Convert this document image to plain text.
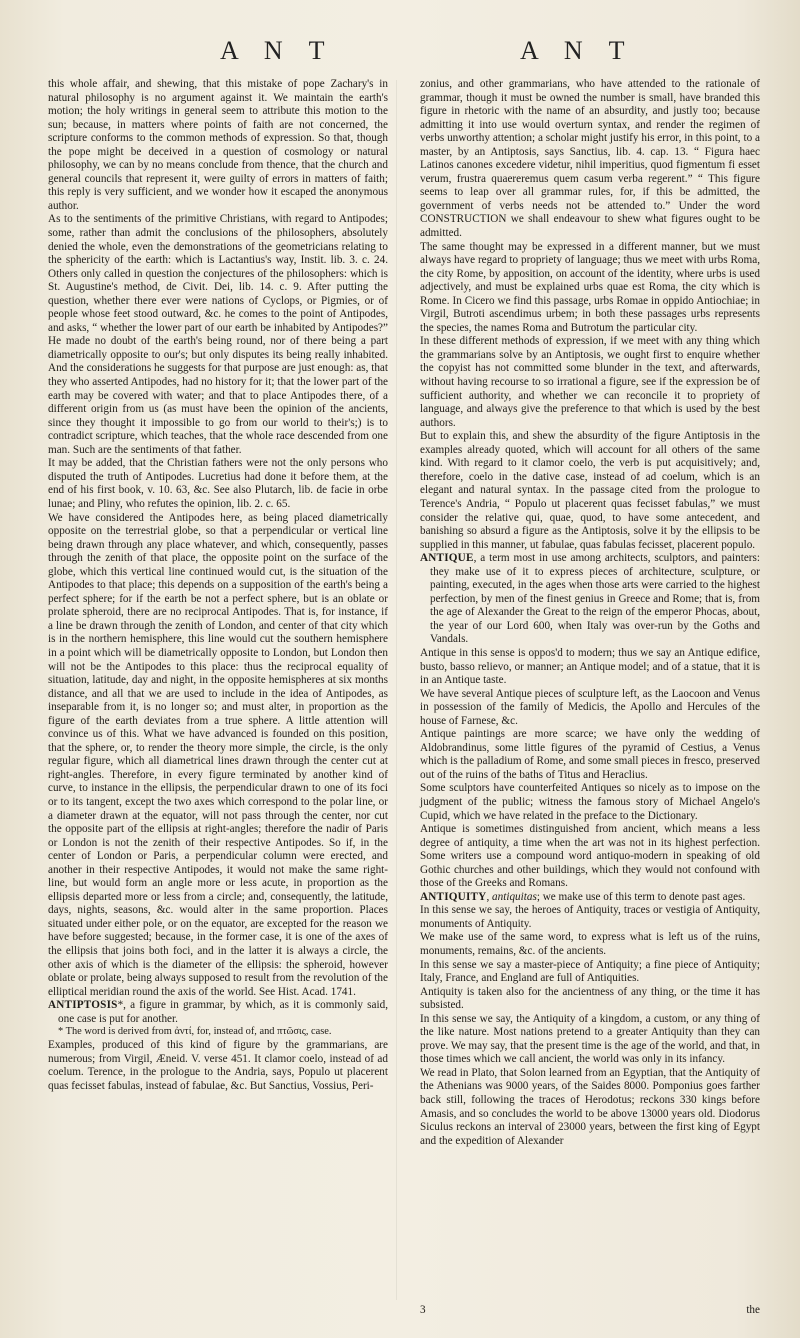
A N T	A N T

this whole affair, and shewing, that this mistake of pope Zachary's in natural philosophy is no argument against it. We maintain the earth's motion; the holy writings in general seem to attribute this motion to the sun; because, in matters where points of faith are not concerned, the scripture conforms to the common methods of expression. So that, though the pope might be deceived in a question of cosmology or natural philosophy, we can by no means conclude from thence, that the church and general councils that represent it, were guilty of errors in matters of faith; this reply is very sufficient, and we wonder how it escaped the anonymous author.

As to the sentiments of the primitive Christians, with regard to Antipodes; some, rather than admit the conclusions of the philosophers, absolutely denied the whole, even the demonstrations of the geometricians relating to the sphericity of the earth: which is Lactantius's way, Instit. lib. 3. c. 24. Others only called in question the conjectures of the philosophers: which is St. Augustine's method, de Civit. Dei, lib. 14. c. 9. After putting the question, whether there ever were nations of Cyclops, or Pigmies, or of people whose feet stood outward, &c. he comes to the point of Antipodes, and asks, “ whether the lower part of our earth be inhabited by Antipodes?” He made no doubt of the earth's being round, nor of there being a part diametrically opposite to our's; but only disputes its being really inhabited. And the considerations he suggests for that purpose are just enough: as, that they who asserted Antipodes, had no history for it; that the lower part of the earth may be covered with water; and that to place Antipodes there, of a different origin from us (as must have been the opinion of the ancients, since they thought it impossible to go from our world to their's;) is to contradict scripture, which teaches, that the whole race descended from one man. Such are the sentiments of that father.

It may be added, that the Christian fathers were not the only persons who disputed the truth of Antipodes. Lucretius had done it before them, at the end of his first book, v. 10. 63, &c. See also Plutarch, lib. de facie in orbe lunae; and Pliny, who refutes the opinion, lib. 2. c. 65.

We have considered the Antipodes here, as being placed diametrically opposite on the terrestrial globe, so that a perpendicular or vertical line being drawn through any place whatever, and which, consequently, passes through the zenith of that place, the opposite point on the surface of the globe, which this vertical line continued would cut, is the situation of the Antipodes to that place; this depends on a supposition of the earth's being a perfect sphere; for if the earth be not a perfect sphere, but is an oblate or prolate spheroid, there are no reciprocal Antipodes. That is, for instance, if a line be drawn through the zenith of London, and center of that city which is in the northern hemisphere, this line would cut the southern hemisphere in a point which will be diametrically opposite to London, but London then will not be the Antipodes to this place: thus the reciprocal equality of situation, latitude, day and night, in the opposite hemispheres at six months distance, and all that we are used to include in the idea of Antipodes, as inseparable from it, is no longer so; and must alter, in proportion as the figure of the earth deviates from a true sphere. A little attention will convince us of this. What we have advanced is founded on this position, that the sphere, or, to render the theory more simple, the circle, is the only regular figure, which all diametrical lines drawn through the center cut at right-angles. Therefore, in every figure terminated by another kind of curve, to instance in the ellipsis, the perpendicular drawn to one of its foci or to its tangent, except the two axes which correspond to the polar line, or a diameter drawn at the equator, will not pass through the center, nor cut the opposite part of the ellipsis at right-angles; therefore the nadir of Paris or London is not the zenith of their respective Antipodes. So if, in the center of London or Paris, a perpendicular column were erected, and another in their respective Antipodes, it would not make the same right-line, but would form an angle more or less acute, in proportion as the ellipsis departed more or less from a circle; and, consequently, the latitude, days, nights, seasons, &c. would alter in the same proportion. Places situated under either pole, or on the equator, are excepted for the reason we have before suggested; because, in the former case, it is one of the axes of the ellipsis that joins both foci, and in the latter it is always a circle, the other axis of which is the diameter of the ellipsis: the spheroid, however oblate or prolate, being always supposed to result from the revolution of the elliptical meridian round the axis of the world. See Hist. Acad. 1741.

ANTIPTOSIS*, a figure in grammar, by which, as it is commonly said, one case is put for another.

* The word is derived from ἀντί, for, instead of, and πτῶσις, case.

Examples, produced of this kind of figure by the grammarians, are numerous; from Virgil, Æneid. V. verse 451. It clamor coelo, instead of ad coelum. Terence, in the prologue to the Andria, says, Populo ut placerent quas fecisset fabulas, instead of fabulae, &c. But Sanctius, Vossius, Peri-

zonius, and other grammarians, who have attended to the rationale of grammar, though it must be owned the number is small, have branded this figure in rhetoric with the name of an absurdity, and justly too; because admitting it into use would overturn syntax, and render the regimen of verbs unworthy attention; a scholar might justify his error, in this point, to a master, by an Antiptosis, says Sanctius, lib. 4. cap. 13. “ Figura haec Latinos canones excedere videtur, nihil imperitius, quod figmentum fi esset verum, frustra quaereremus quem casum verba regerent.” “ This figure seems to leap over all grammar rules, for, if this be admitted, the government of verbs needs not be attended to.” Under the word CONSTRUCTION we shall endeavour to shew what figures ought to be admitted.

The same thought may be expressed in a different manner, but we must always have regard to propriety of language; thus we meet with urbs Roma, the city Rome, by apposition, on account of the identity, where urbs is used adjectively, and must be explained urbs quae est Roma, the city which is Rome. In Cicero we find this passage, urbs Romae in oppido Antiochiae; in Virgil, Butroti ascendimus urbem; in both these passages urbs represents the species, the names Roma and Butrotum the particular city.

In these different methods of expression, if we meet with any thing which the grammarians solve by an Antiptosis, we ought first to enquire whether the copyist has not committed some blunder in the text, and afterwards, without having recourse to so irrational a figure, see if the expression be of sufficient authority, and whether we can reconcile it to propriety of language, and always give the preference to that which is used by the best authors.

But to explain this, and shew the absurdity of the figure Antiptosis in the examples already quoted, which will account for all others of the same kind. With regard to it clamor coelo, the verb is put acquisitively; and, therefore, coelo in the dative case, instead of ad coelum, which is an elegant and natural syntax. In the passage cited from the prologue to Terence's Andria, “ Populo ut placerent quas fecisset fabulas,” we must consider the relative qui, quae, quod, to have some antecedent, and banishing so absurd a figure as the Antiptosis, solve it by the ellipsis to be supplied in this manner, ut fabulae, quas fabulas fecisset, placerent populo.

ANTIQUE, a term most in use among architects, sculptors, and painters: they make use of it to express pieces of architecture, sculpture, or painting, executed, in the ages when those arts were carried to the highest perfection, by men of the finest genius in Greece and Rome; that is, from the age of Alexander the Great to the reign of the emperor Phocas, about, the year of our Lord 600, when Italy was over-run by the Goths and Vandals.

Antique in this sense is oppos'd to modern; thus we say an Antique edifice, busto, basso relievo, or manner; an Antique model; and of a statue, that it is in an Antique taste.

We have several Antique pieces of sculpture left, as the Laocoon and Venus in possession of the family of Medicis, the Apollo and Hercules of the house of Farnese, &c.

Antique paintings are more scarce; we have only the wedding of Aldobrandinus, some little figures of the pyramid of Cestius, a Venus which is the palladium of Rome, and some small pieces in fresco, preserved out of the ruins of the baths of Titus and Heraclius.

Some sculptors have counterfeited Antiques so nicely as to impose on the judgment of the public; witness the famous story of Michael Angelo's Cupid, which we have related in the preface to the Dictionary.

Antique is sometimes distinguished from ancient, which means a less degree of antiquity, a time when the art was not in its highest perfection. Some writers use a compound word antiquo-modern in speaking of old Gothic churches and other buildings, which they would not confound with those of the Greeks and Romans.

ANTIQUITY, antiquitas; we make use of this term to denote past ages.

In this sense we say, the heroes of Antiquity, traces or vestigia of Antiquity, monuments of Antiquity.

We make use of the same word, to express what is left us of the ruins, monuments, remains, &c. of the ancients.

In this sense we say a master-piece of Antiquity; a fine piece of Antiquity; Italy, France, and England are full of Antiquities.

Antiquity is taken also for the ancientness of any thing, or the time it has subsisted.

In this sense we say, the Antiquity of a kingdom, a custom, or any thing of the like nature. Most nations pretend to a greater Antiquity than they can prove. We may say, that the present time is the age of the world, and that, in those times which we call ancient, the world was only in its infancy.

We read in Plato, that Solon learned from an Egyptian, that the Antiquity of the Athenians was 9000 years, of the Saides 8000. Pomponius goes farther back still, following the traces of Herodotus; reckons 330 kings before Amasis, and so concludes the world to be above 13000 years old. Diodorus Siculus reckons an interval of 23000 years, between the first king of Egypt and the expedition of Alexander

3	the
